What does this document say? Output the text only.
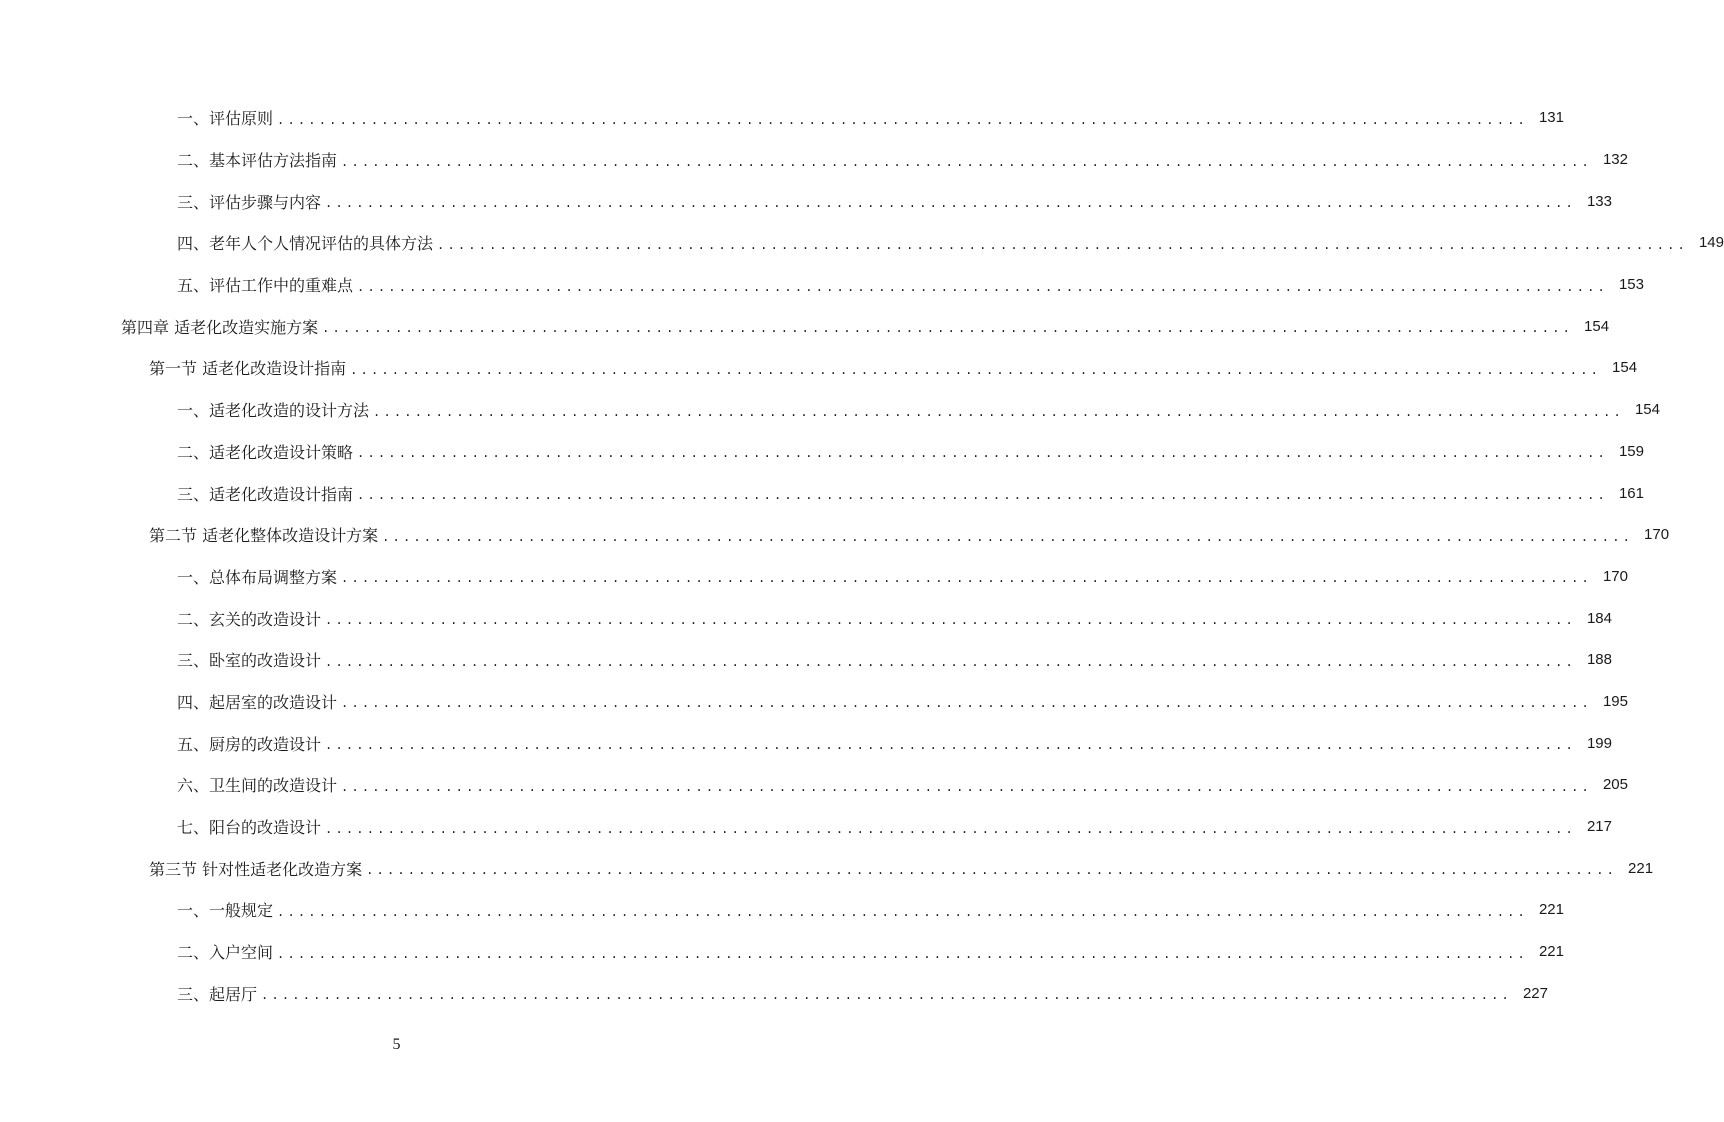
一、评估原则 ........................................................................................................................ 131
二、基本评估方法指南 ........................................................................................................................ 132
三、评估步骤与内容 ........................................................................................................................ 133
四、老年人个人情况评估的具体方法 ........................................................................................................................ 149
五、评估工作中的重难点 ........................................................................................................................ 153
第四章 适老化改造实施方案 ........................................................................................................................ 154
第一节 适老化改造设计指南 ........................................................................................................................ 154
一、适老化改造的设计方法 ........................................................................................................................ 154
二、适老化改造设计策略 ........................................................................................................................ 159
三、适老化改造设计指南 ........................................................................................................................ 161
第二节 适老化整体改造设计方案 ........................................................................................................................ 170
一、总体布局调整方案 ........................................................................................................................ 170
二、玄关的改造设计 ........................................................................................................................ 184
三、卧室的改造设计 ........................................................................................................................ 188
四、起居室的改造设计 ........................................................................................................................ 195
五、厨房的改造设计 ........................................................................................................................ 199
六、卫生间的改造设计 ........................................................................................................................ 205
七、阳台的改造设计 ........................................................................................................................ 217
第三节 针对性适老化改造方案 ........................................................................................................................ 221
一、一般规定 ........................................................................................................................ 221
二、入户空间 ........................................................................................................................ 221
三、起居厅 ........................................................................................................................ 227
5
